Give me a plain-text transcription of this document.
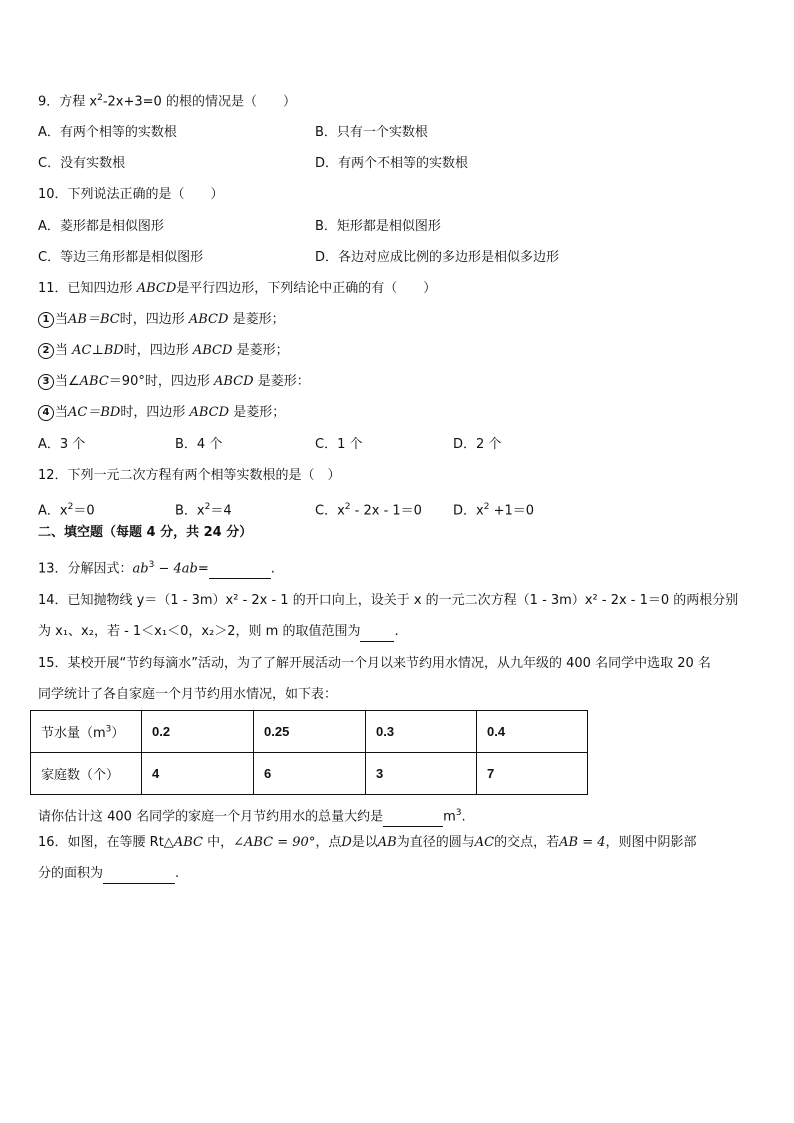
9．方程 $x^2-2x+3=0$ 的根的情况是（　　）
A．有两个相等的实数根	B．只有一个实数根
C．没有实数根	D．有两个不相等的实数根
10．下列说法正确的是（　　）
A．菱形都是相似图形	B．矩形都是相似图形
C．等边三角形都是相似图形	D．各边对应成比例的多边形是相似多边形
11．已知四边形 ABCD是平行四边形，下列结论中正确的有（　　）
1 当AB＝BC时，四边形 ABCD 是菱形；
2 当 AC⊥BD时，四边形 ABCD 是菱形；
3 当∠ABC＝90°时，四边形 ABCD 是菱形：
4 当AC＝BD时，四边形 ABCD 是菱形；
A．3 个	B．4 个	C．1 个	D．2 个
12．下列一元二次方程有两个相等实数根的是（　）
A．$x^2=0$	B．$x^2=4$	C．$x^2 - 2x - 1=0$ D．$x^2 +1=0$
二、填空题（每题 4 分，共 24 分）
13．分解因式：$ab^3 - 4ab=$	.
14．已知抛物线 y＝（1 - 3m）x² - 2x - 1 的开口向上，设关于 x 的一元二次方程（1 - 3m）x² - 2x - 1＝0 的两根分别
为 x₁、x₂，若 - 1＜x₁＜0，x₂＞2，则 m 的取值范围为	.
15．某校开展“节约每滴水”活动，为了了解开展活动一个月以来节约用水情况，从九年级的 400 名同学中选取 20 名
同学统计了各自家庭一个月节约用水情况，如下表：
节水量$(m^3)$	0.2	0.25	0.3	0.4
家庭数（个）	4	6	3	7
请你估计这 400 名同学的家庭一个月节约用水的总量大约是	$m^3$.
16．如图，在等腰 Rt△ABC 中，∠ABC = 90°，点D是以AB为直径的圆与AC的交点，若AB = 4，则图中阴影部
分的面积为	.
